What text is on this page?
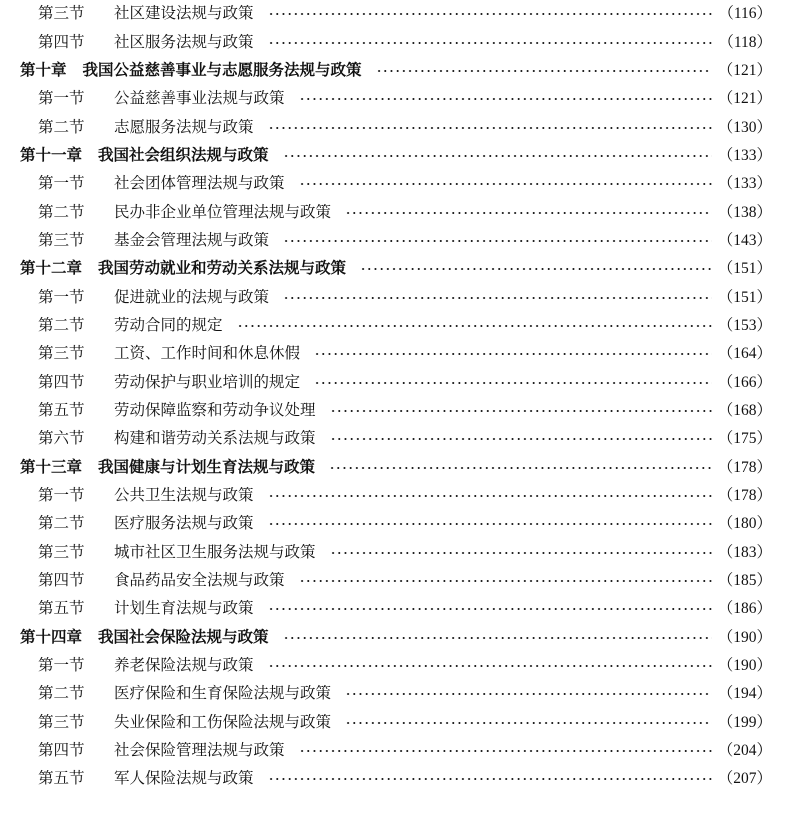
第三节 社区建设法规与政策	（116）
第四节 社区服务法规与政策	（118）
第十章 我国公益慈善事业与志愿服务法规与政策	（121）
第一节 公益慈善事业法规与政策	（121）
第二节 志愿服务法规与政策	（130）
第十一章 我国社会组织法规与政策	（133）
第一节 社会团体管理法规与政策	（133）
第二节 民办非企业单位管理法规与政策	（138）
第三节 基金会管理法规与政策	（143）
第十二章 我国劳动就业和劳动关系法规与政策	（151）
第一节 促进就业的法规与政策	（151）
第二节 劳动合同的规定	（153）
第三节 工资、工作时间和休息休假	（164）
第四节 劳动保护与职业培训的规定	（166）
第五节 劳动保障监察和劳动争议处理	（168）
第六节 构建和谐劳动关系法规与政策	（175）
第十三章 我国健康与计划生育法规与政策	（178）
第一节 公共卫生法规与政策	（178）
第二节 医疗服务法规与政策	（180）
第三节 城市社区卫生服务法规与政策	（183）
第四节 食品药品安全法规与政策	（185）
第五节 计划生育法规与政策	（186）
第十四章 我国社会保险法规与政策	（190）
第一节 养老保险法规与政策	（190）
第二节 医疗保险和生育保险法规与政策	（194）
第三节 失业保险和工伤保险法规与政策	（199）
第四节 社会保险管理法规与政策	（204）
第五节 军人保险法规与政策	（207）
